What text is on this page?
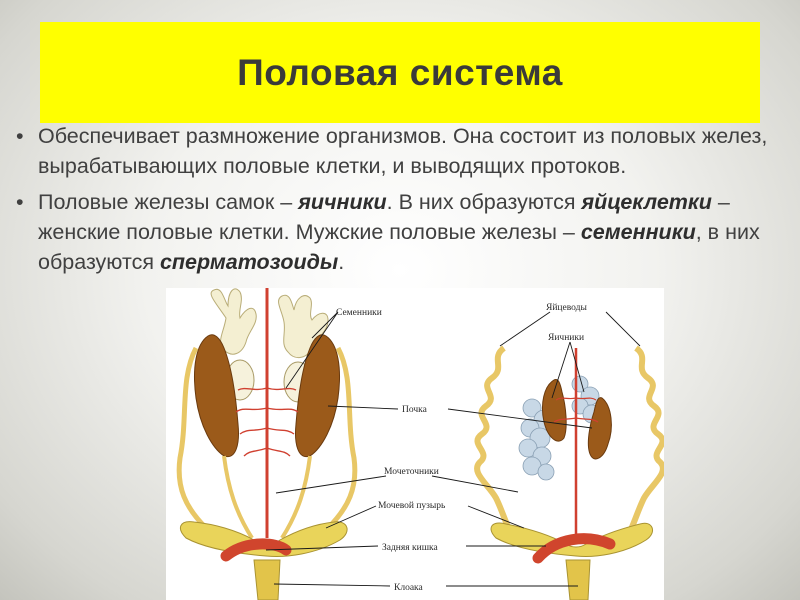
Половая система
• Обеспечивает размножение организмов. Она состоит из половых желез, вырабатывающих половые клетки, и выводящих протоков.
• Половые железы самок – яичники. В них образуются яйцеклетки – женские половые клетки. Мужские половые железы – семенники, в них образуются сперматозоиды.
Семенники	Яйцеводы
Яичники
Почка
Мочеточники
Мочевой пузырь
Задняя кишка
Клоака
